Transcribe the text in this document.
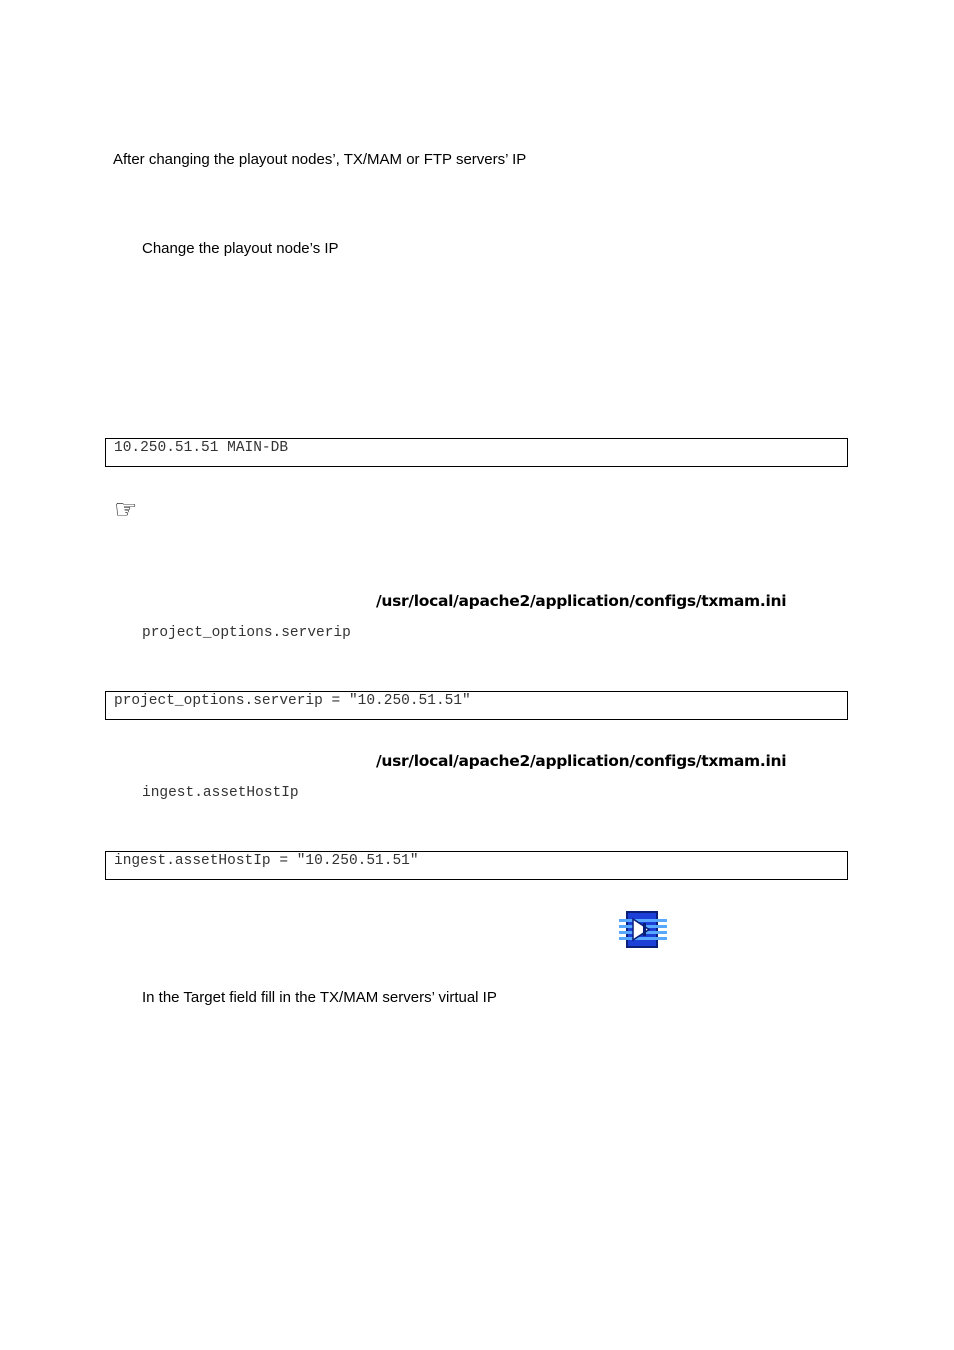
After changing the playout nodes’, TX/MAM or FTP servers’ IP
Change the playout node’s IP
10.250.51.51 MAIN-DB
☞
/usr/local/apache2/application/configs/txmam.ini
project_options.serverip
project_options.serverip = "10.250.51.51"
/usr/local/apache2/application/configs/txmam.ini
ingest.assetHostIp
ingest.assetHostIp = "10.250.51.51"
In the Target field fill in the TX/MAM servers’ virtual IP
